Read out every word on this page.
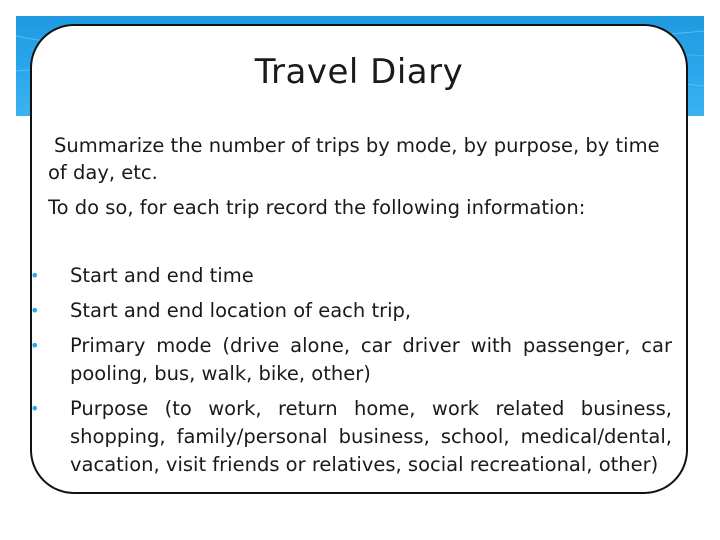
Travel Diary

Summarize the number of trips by mode, by purpose, by time of day, etc.

To do so, for each trip record the following information:

•	Start and end time
•	Start and end location of each trip,
•	Primary mode (drive alone, car driver with passenger, car pooling, bus, walk, bike, other)
•	Purpose (to work, return home, work related business, shopping, family/personal business, school, medical/dental, vacation, visit friends or relatives, social recreational, other)
